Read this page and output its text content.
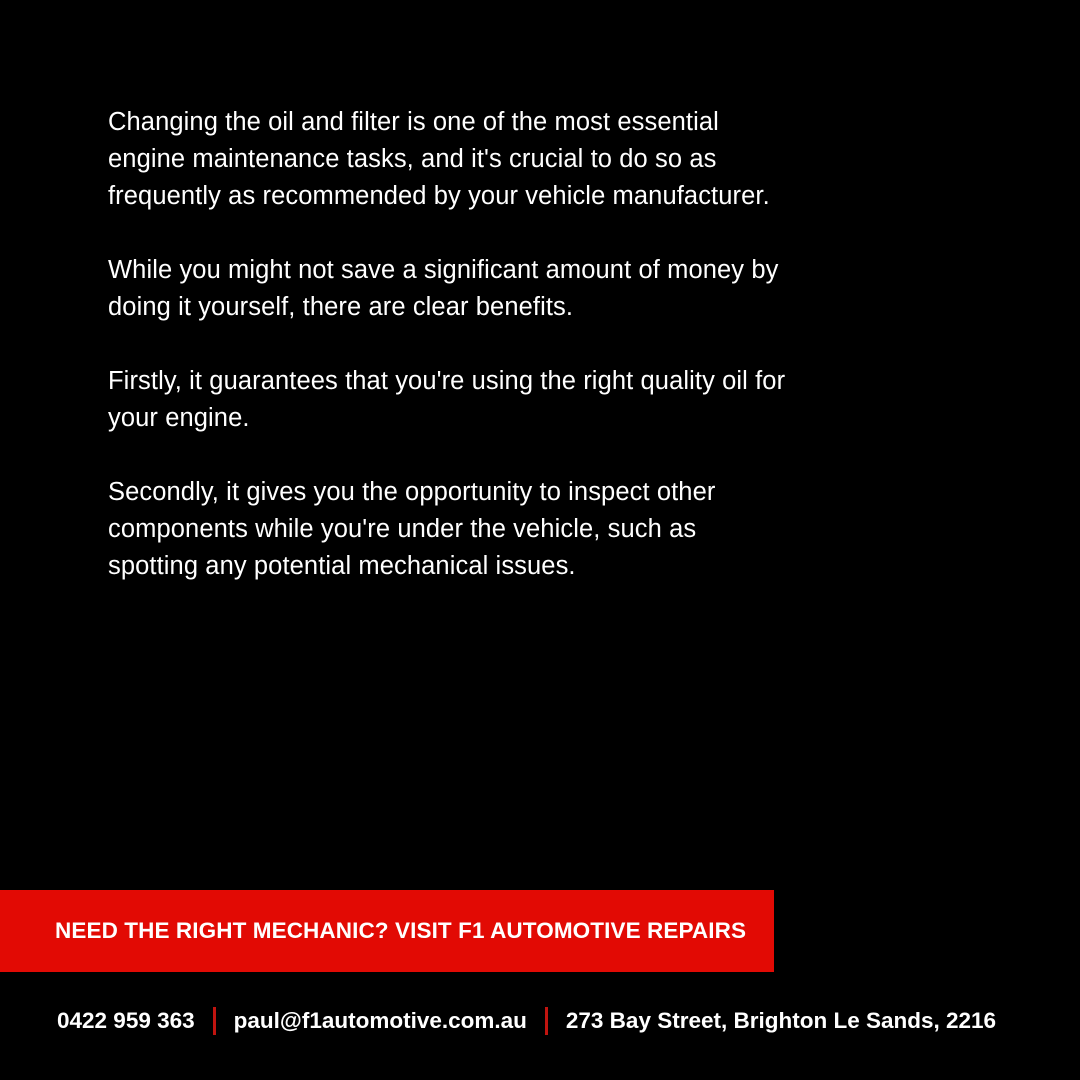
Changing the oil and filter is one of the most essential engine maintenance tasks, and it's crucial to do so as frequently as recommended by your vehicle manufacturer.

While you might not save a significant amount of money by doing it yourself, there are clear benefits.

Firstly, it guarantees that you're using the right quality oil for your engine.

Secondly, it gives you the opportunity to inspect other components while you're under the vehicle, such as spotting any potential mechanical issues.

NEED THE RIGHT MECHANIC? VISIT F1 AUTOMOTIVE REPAIRS
0422 959 363 paul@f1automotive.com.au 273 Bay Street, Brighton Le Sands, 2216
